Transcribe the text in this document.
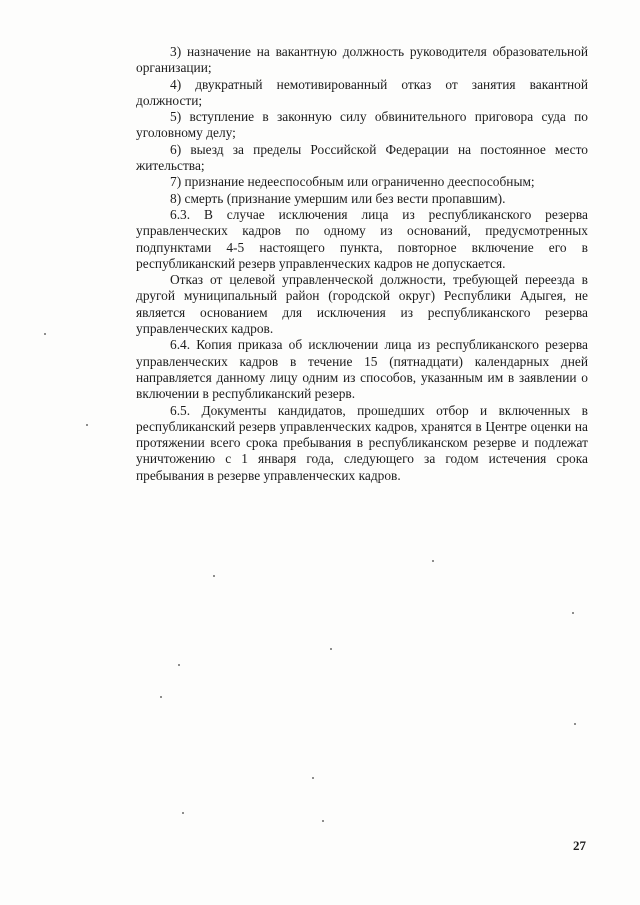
3) назначение на вакантную должность руководителя образовательной организации;

4) двукратный немотивированный отказ от занятия вакантной должности;

5) вступление в законную силу обвинительного приговора суда по уголовному делу;

6) выезд за пределы Российской Федерации на постоянное место жительства;

7) признание недееспособным или ограниченно дееспособным;

8) смерть (признание умершим или без вести пропавшим).

6.3. В случае исключения лица из республиканского резерва управленческих кадров по одному из оснований, предусмотренных подпунктами 4-5 настоящего пункта, повторное включение его в республиканский резерв управленческих кадров не допускается.

Отказ от целевой управленческой должности, требующей переезда в другой муниципальный район (городской округ) Республики Адыгея, не является основанием для исключения из республиканского резерва управленческих кадров.

6.4. Копия приказа об исключении лица из республиканского резерва управленческих кадров в течение 15 (пятнадцати) календарных дней направляется данному лицу одним из способов, указанным им в заявлении о включении в республиканский резерв.

6.5. Документы кандидатов, прошедших отбор и включенных в республиканский резерв управленческих кадров, хранятся в Центре оценки на протяжении всего срока пребывания в республиканском резерве и подлежат уничтожению с 1 января года, следующего за годом истечения срока пребывания в резерве управленческих кадров.

27
